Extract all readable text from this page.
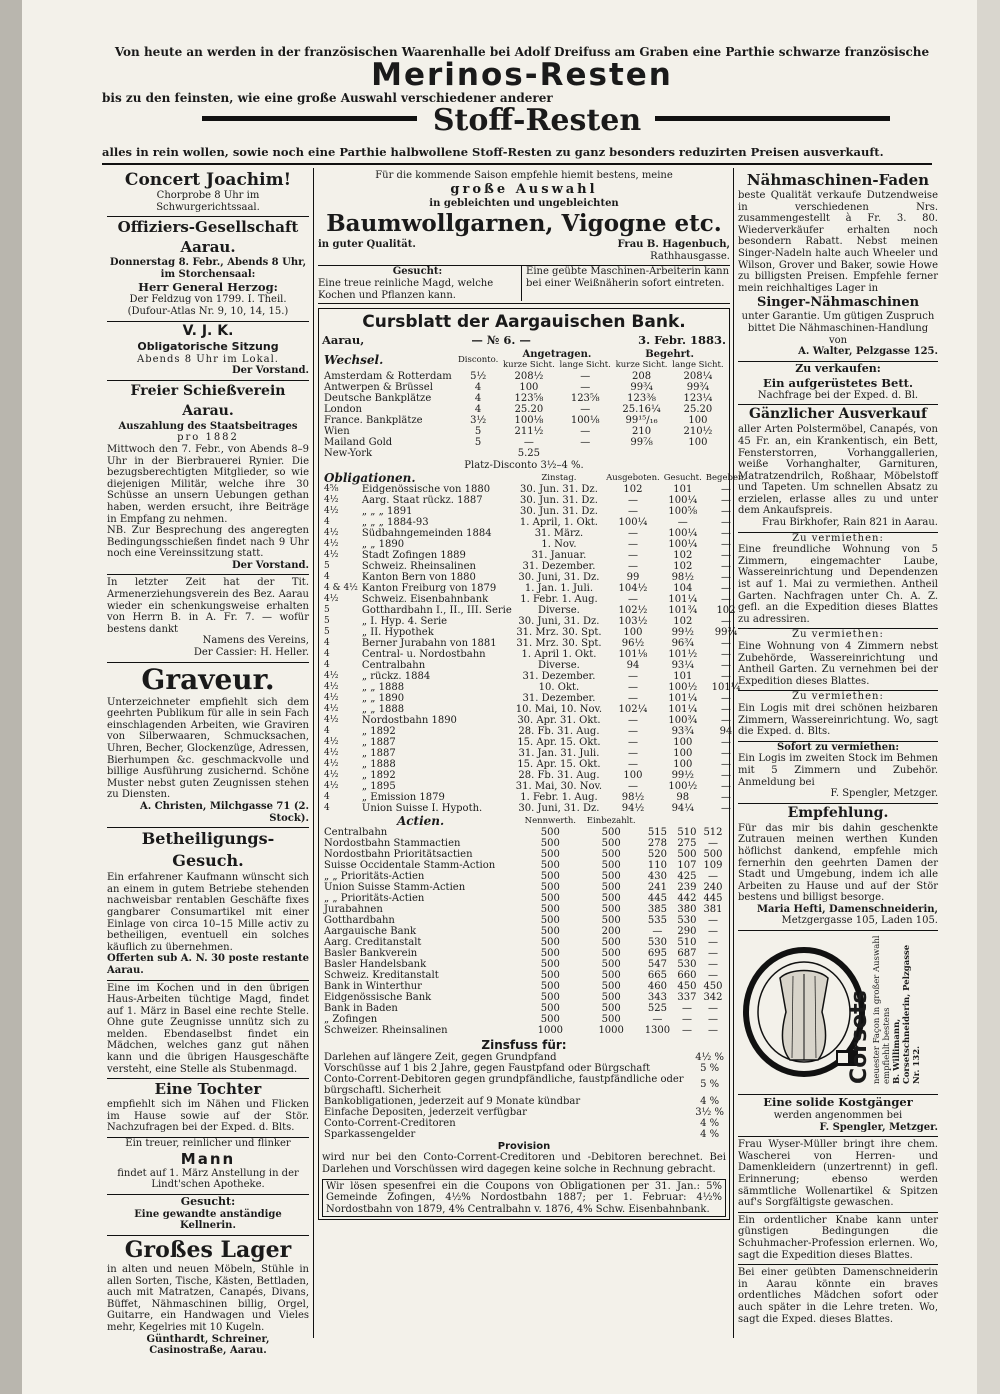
Von heute an werden in der französischen Waarenhalle bei Adolf Dreifuss am Graben eine Parthie schwarze französische
Merinos-Resten
bis zu den feinsten, wie eine große Auswahl verschiedener anderer
Stoff-Resten
alles in rein wollen, sowie noch eine Parthie halbwollene Stoff-Resten zu ganz besonders reduzirten Preisen ausverkauft.
Concert Joachim!
Chorprobe 8 Uhr im Schwurgerichtssaal.
Offiziers-Gesellschaft Aarau.
Donnerstag 8. Febr., Abends 8 Uhr, im Storchensaal:
Herr General Herzog:
Der Feldzug von 1799. I. Theil.
(Dufour-Atlas Nr. 9, 10, 14, 15.)
V. J. K.
Obligatorische Sitzung
Abends 8 Uhr im Lokal.
Der Vorstand.
Freier Schießverein Aarau.
Auszahlung des Staatsbeitrages
pro 1882
Mittwoch den 7. Febr., von Abends 8–9 Uhr in der Bierbrauerei Rynier. Die bezugsberechtigten Mitglieder, so wie diejenigen Militär, welche ihre 30 Schüsse an unsern Uebungen gethan haben, werden ersucht, ihre Beiträge in Empfang zu nehmen.
NB. Zur Besprechung des angeregten Bedingungsschießen findet nach 9 Uhr noch eine Vereinssitzung statt.
Der Vorstand.
In letzter Zeit hat der Tit. Armenerziehungsverein des Bez. Aarau wieder ein schenkungsweise erhalten von Herrn B. in A. Fr. 7. — wofür bestens dankt
Namens des Vereins,
Der Cassier: H. Heller.
Graveur.
Unterzeichneter empfiehlt sich dem geehrten Publikum für alle in sein Fach einschlagenden Arbeiten, wie Graviren von Silberwaaren, Schmucksachen, Uhren, Becher, Glockenzüge, Adressen, Bierhumpen &c. geschmackvolle und billige Ausführung zusichernd. Schöne Muster nebst guten Zeugnissen stehen zu Diensten.
A. Christen, Milchgasse 71 (2. Stock).
Betheiligungs-Gesuch.
Ein erfahrener Kaufmann wünscht sich an einem in gutem Betriebe stehenden nachweisbar rentablen Geschäfte fixes gangbarer Consumartikel mit einer Einlage von circa 10–15 Mille activ zu betheiligen, eventuell ein solches käuflich zu übernehmen.
Offerten sub A. N. 30 poste restante Aarau.
Eine im Kochen und in den übrigen Haus-Arbeiten tüchtige Magd, findet auf 1. März in Basel eine rechte Stelle. Ohne gute Zeugnisse unnütz sich zu melden. Ebendaselbst findet ein Mädchen, welches ganz gut nähen kann und die übrigen Hausgeschäfte versteht, eine Stelle als Stubenmagd.
Eine Tochter
empfiehlt sich im Nähen und Flicken im Hause sowie auf der Stör. Nachzufragen bei der Exped. d. Blts.
Ein treuer, reinlicher und flinker
Mann
findet auf 1. März Anstellung in der Lindt'schen Apotheke.
Gesucht:
Eine gewandte anständige Kellnerin.
Großes Lager
in alten und neuen Möbeln, Stühle in allen Sorten, Tische, Kästen, Bettladen, auch mit Matratzen, Canapés, Divans, Büffet, Nähmaschinen billig, Orgel, Guitarre, ein Handwagen und Vieles mehr, Kegelries mit 10 Kugeln.
Günthardt, Schreiner, Casinostraße, Aarau.
Für die kommende Saison empfehle hiemit bestens, meine
große Auswahl
in gebleichten und ungebleichten
Baumwollgarnen, Vigogne etc.
in guter Qualität.	Frau B. Hagenbuch,
Rathhausgasse.
Gesucht:
Eine treue reinliche Magd, welche Kochen und Pflanzen kann.
Eine geübte Maschinen-Arbeiterin kann bei einer Weißnäherin sofort eintreten.
Cursblatt der Aargauischen Bank.
Aarau,	— № 6. —	3. Febr. 1883.
Wechsel.	Disconto.	Angetragen.		Begehrt.	
		kurze Sicht.	lange Sicht.	kurze Sicht.	lange Sicht.
Amsterdam & Rotterdam	5½	208½	—	208	208¼
Antwerpen & Brüssel	4	100	—	99¾	99¾
Deutsche Bankplätze	4	123⅝	123⅝	123⅜	123¼
London	4	25.20	—	25.16¼	25.20
France. Bankplätze	3½	100⅛	100⅛	99¹⁵/₁₆	100
Wien	5	211½	—	210	210½
Mailand Gold	5	—	—	99⅞	100
New-York		5.25			
Platz-Disconto 3½–4 %.
Obligationen.		Zinstag.	Ausgeboten.	Gesucht.	Begeben.
4⅝	Eidgenössische von 1880	30. Jun. 31. Dz.	102	101	—
4½	Aarg. Staat rückz. 1887	30. Jun. 31. Dz.	—	100¼	—
4½	„ „ „ 1891	30. Jun. 31. Dz.	—	100⅝	—
4	„ „ „ 1884-93	1. April, 1. Okt.	100¼	—	—
4½	Südbahngemeinden 1884	31. März.	—	100¼	—
4½	„ „ 1890	1. Nov.	—	100¼	—
4½	Stadt Zofingen 1889	31. Januar.	—	102	—
5	Schweiz. Rheinsalinen	31. Dezember.	—	102	—
4	Kanton Bern von 1880	30. Juni, 31. Dz.	99	98½	—
4 & 4½	Kanton Freiburg von 1879	1. Jan. 1. Juli.	104½	104	—
4½	Schweiz. Eisenbahnbank	1. Febr. 1. Aug.	—	101¼	—
5	Gotthardbahn I., II., III. Serie	Diverse.	102½	101¾	102
5	„ I. Hyp. 4. Serie	30. Juni, 31. Dz.	103½	102	—
5	„ II. Hypothek	31. Mrz. 30. Spt.	100	99½	99¾
4	Berner Jurabahn von 1881	31. Mrz. 30. Spt.	96½	96¾	—
4	Central- u. Nordostbahn	1. April 1. Okt.	101⅛	101½	—
4	Centralbahn	Diverse.	94	93¼	—
4½	„ rückz. 1884	31. Dezember.	—	101	—
4½	„ „ 1888	10. Okt.	—	100½	101¼
4½	„ „ 1890	31. Dezember.	—	101¼	—
4½	„ „ 1888	10. Mai, 10. Nov.	102¼	101¼	—
4½	Nordostbahn 1890	30. Apr. 31. Okt.	—	100¾	—
4	„ 1892	28. Fb. 31. Aug.	—	93¾	94
4½	„ 1887	15. Apr. 15. Okt.	—	100	—
4½	„ 1887	31. Jan. 31. Juli.	—	100	—
4½	„ 1888	15. Apr. 15. Okt.	—	100	—
4½	„ 1892	28. Fb. 31. Aug.	100	99½	—
4½	„ 1895	31. Mai, 30. Nov.	—	100½	—
4	„ Emission 1879	1. Febr. 1. Aug.	98½	98	—
4	Union Suisse I. Hypoth.	30. Juni, 31. Dz.	94½	94¼	—
Actien.	Nennwerth.	Einbezahlt.			
Centralbahn	500	500	515	510	512
Nordostbahn Stammactien	500	500	278	275	—
Nordostbahn Prioritätsactien	500	500	520	500	500
Suisse Occidentale Stamm-Action	500	500	110	107	109
„ „ Prioritäts-Actien	500	500	430	425	—
Union Suisse Stamm-Actien	500	500	241	239	240
„ „ Prioritäts-Actien	500	500	445	442	445
Jurabahnen	500	500	385	380	381
Gotthardbahn	500	500	535	530	—
Aargauische Bank	500	200	—	290	—
Aarg. Creditanstalt	500	500	530	510	—
Basler Bankverein	500	500	695	687	—
Basler Handelsbank	500	500	547	530	—
Schweiz. Kreditanstalt	500	500	665	660	—
Bank in Winterthur	500	500	460	450	450
Eidgenössische Bank	500	500	343	337	342
Bank in Baden	500	500	525	—	—
„ Zofingen	500	500	—	—	—
Schweizer. Rheinsalinen	1000	1000	1300	—	—
Zinsfuss für:
Darlehen auf längere Zeit, gegen Grundpfand	4½ %
Vorschüsse auf 1 bis 2 Jahre, gegen Faustpfand oder Bürgschaft	5 %
Conto-Corrent-Debitoren gegen grundpfändliche, faustpfändliche oder bürgschaftl. Sicherheit	5 %
Bankobligationen, jederzeit auf 9 Monate kündbar	4 %
Einfache Depositen, jederzeit verfügbar	3½ %
Conto-Corrent-Creditoren	4 %
Sparkassengelder	4 %
Provision
wird nur bei den Conto-Corrent-Creditoren und -Debitoren berechnet. Bei Darlehen und Vorschüssen wird dagegen keine solche in Rechnung gebracht.
Wir lösen spesenfrei ein die Coupons von Obligationen per 31. Jan.: 5% Gemeinde Zofingen, 4½% Nordostbahn 1887; per 1. Februar: 4½% Nordostbahn von 1879, 4% Centralbahn v. 1876, 4% Schw. Eisenbahnbank.
Nähmaschinen-Faden
beste Qualität verkaufe Dutzendweise in verschiedenen Nrs. zusammengestellt à Fr. 3. 80. Wiederverkäufer erhalten noch besondern Rabatt. Nebst meinen Singer-Nadeln halte auch Wheeler und Wilson, Grover und Baker, sowie Howe zu billigsten Preisen. Empfehle ferner mein reichhaltiges Lager in
Singer-Nähmaschinen
unter Garantie. Um gütigen Zuspruch bittet Die Nähmaschinen-Handlung von
A. Walter, Pelzgasse 125.
Zu verkaufen:
Ein aufgerüstetes Bett.
Nachfrage bei der Exped. d. Bl.
Gänzlicher Ausverkauf
aller Arten Polstermöbel, Canapés, von 45 Fr. an, ein Krankentisch, ein Bett, Fensterstorren, Vorhanggallerien, weiße Vorhanghalter, Garnituren, Matratzendrilch, Roßhaar, Möbelstoff und Tapeten. Um schnellen Absatz zu erzielen, erlasse alles zu und unter dem Ankaufspreis.
Frau Birkhofer, Rain 821 in Aarau.
Zu vermiethen:
Eine freundliche Wohnung von 5 Zimmern, eingemachter Laube, Wassereinrichtung und Dependenzen ist auf 1. Mai zu vermiethen. Antheil Garten. Nachfragen unter Ch. A. Z. gefl. an die Expedition dieses Blattes zu adressiren.
Zu vermiethen:
Eine Wohnung von 4 Zimmern nebst Zubehörde, Wassereinrichtung und Antheil Garten. Zu vernehmen bei der Expedition dieses Blattes.
Zu vermiethen:
Ein Logis mit drei schönen heizbaren Zimmern, Wassereinrichtung. Wo, sagt die Exped. d. Blts.
Sofort zu vermiethen:
Ein Logis im zweiten Stock im Behmen mit 5 Zimmern und Zubehör. Anmeldung bei
F. Spengler, Metzger.
Empfehlung.
Für das mir bis dahin geschenkte Zutrauen meinen werthen Kunden höflichst dankend, empfehle mich fernerhin den geehrten Damen der Stadt und Umgebung, indem ich alle Arbeiten zu Hause und auf der Stör bestens und billigst besorge.
Maria Hefti, Damenschneiderin,
Metzgergasse 105, Laden 105.
Corsets neuester Façon in großer Auswahl empfiehlt bestens B. Willimann, Corsetschneiderin, Pelzgasse Nr. 132.
Eine solide Kostgänger
werden angenommen bei
F. Spengler, Metzger.
Frau Wyser-Müller bringt ihre chem. Wascherei von Herren- und Damenkleidern (unzertrennt) in gefl. Erinnerung; ebenso werden sämmtliche Wollenartikel & Spitzen auf's Sorgfältigste gewaschen.
Ein ordentlicher Knabe kann unter günstigen Bedingungen die Schuhmacher-Profession erlernen. Wo, sagt die Expedition dieses Blattes.
Bei einer geübten Damenschneiderin in Aarau könnte ein braves ordentliches Mädchen sofort oder auch später in die Lehre treten. Wo, sagt die Exped. dieses Blattes.
